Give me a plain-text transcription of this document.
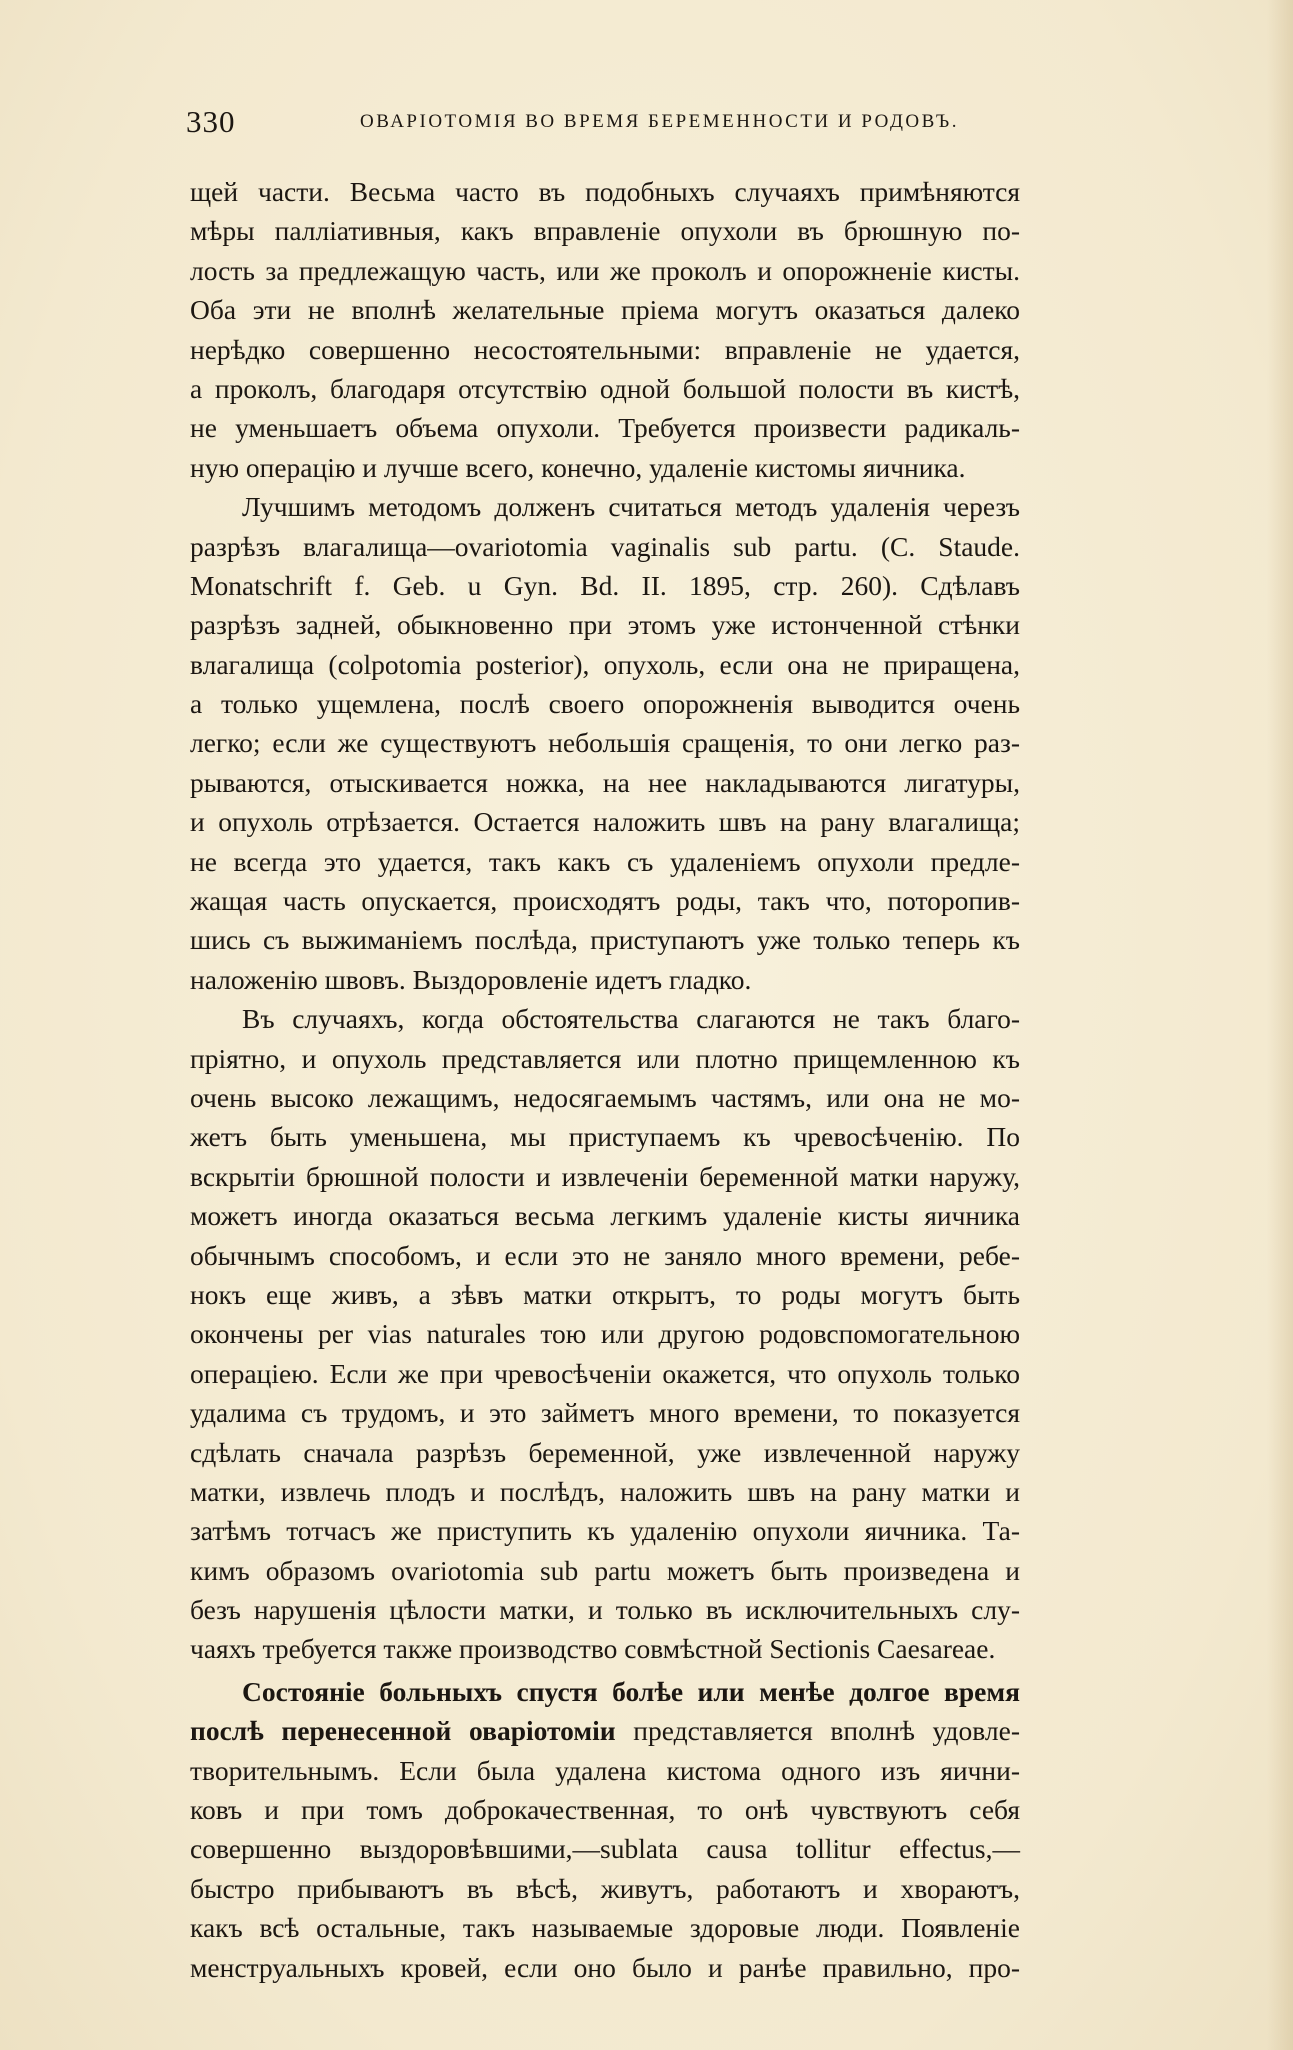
330	ОВАРІОТОМІЯ ВО ВРЕМЯ БЕРЕМЕННОСТИ И РОДОВЪ.
щей части. Весьма часто въ подобныхъ случаяхъ примѣняются
мѣры палліативныя, какъ вправленіе опухоли въ брюшную по-
лость за предлежащую часть, или же проколъ и опорожненіе кисты.
Оба эти не вполнѣ желательные пріема могутъ оказаться далеко
нерѣдко совершенно несостоятельными: вправленіе не удается,
а проколъ, благодаря отсутствію одной большой полости въ кистѣ,
не уменьшаетъ объема опухоли. Требуется произвести радикаль-
ную операцію и лучше всего, конечно, удаленіе кистомы яичника.
Лучшимъ методомъ долженъ считаться методъ удаленія черезъ
разрѣзъ влагалища—ovariotomia vaginalis sub partu. (C. Staude.
Monatschrift f. Geb. u Gyn. Bd. II. 1895, стр. 260). Сдѣлавъ
разрѣзъ задней, обыкновенно при этомъ уже истонченной стѣнки
влагалища (colpotomia posterior), опухоль, если она не приращена,
а только ущемлена, послѣ своего опорожненія выводится очень
легко; если же существуютъ небольшія сращенія, то они легко раз-
рываются, отыскивается ножка, на нее накладываются лигатуры,
и опухоль отрѣзается. Остается наложить швъ на рану влагалища;
не всегда это удается, такъ какъ съ удаленіемъ опухоли предле-
жащая часть опускается, происходятъ роды, такъ что, поторопив-
шись съ выжиманіемъ послѣда, приступаютъ уже только теперь къ
наложенію швовъ. Выздоровленіе идетъ гладко.
Въ случаяхъ, когда обстоятельства слагаются не такъ благо-
пріятно, и опухоль представляется или плотно прищемленною къ
очень высоко лежащимъ, недосягаемымъ частямъ, или она не мо-
жетъ быть уменьшена, мы приступаемъ къ чревосѣченію. По
вскрытіи брюшной полости и извлеченіи беременной матки наружу,
можетъ иногда оказаться весьма легкимъ удаленіе кисты яичника
обычнымъ способомъ, и если это не заняло много времени, ребе-
нокъ еще живъ, а зѣвъ матки открытъ, то роды могутъ быть
окончены per vias naturales тою или другою родовспомогательною
операціею. Если же при чревосѣченіи окажется, что опухоль только
удалима съ трудомъ, и это займетъ много времени, то показуется
сдѣлать сначала разрѣзъ беременной, уже извлеченной наружу
матки, извлечь плодъ и послѣдъ, наложить швъ на рану матки и
затѣмъ тотчасъ же приступить къ удаленію опухоли яичника. Та-
кимъ образомъ ovariotomia sub partu можетъ быть произведена и
безъ нарушенія цѣлости матки, и только въ исключительныхъ слу-
чаяхъ требуется также производство совмѣстной Sectionis Caesareae.
Состояніе больныхъ спустя болѣе или менѣе долгое время
послѣ перенесенной оваріотоміи представляется вполнѣ удовле-
творительнымъ. Если была удалена кистома одного изъ яични-
ковъ и при томъ доброкачественная, то онѣ чувствуютъ себя
совершенно выздоровѣвшими,—sublata causa tollitur effectus,—
быстро прибываютъ въ вѣсѣ, живутъ, работаютъ и хвораютъ,
какъ всѣ остальные, такъ называемые здоровые люди. Появленіе
менструальныхъ кровей, если оно было и ранѣе правильно, про-
